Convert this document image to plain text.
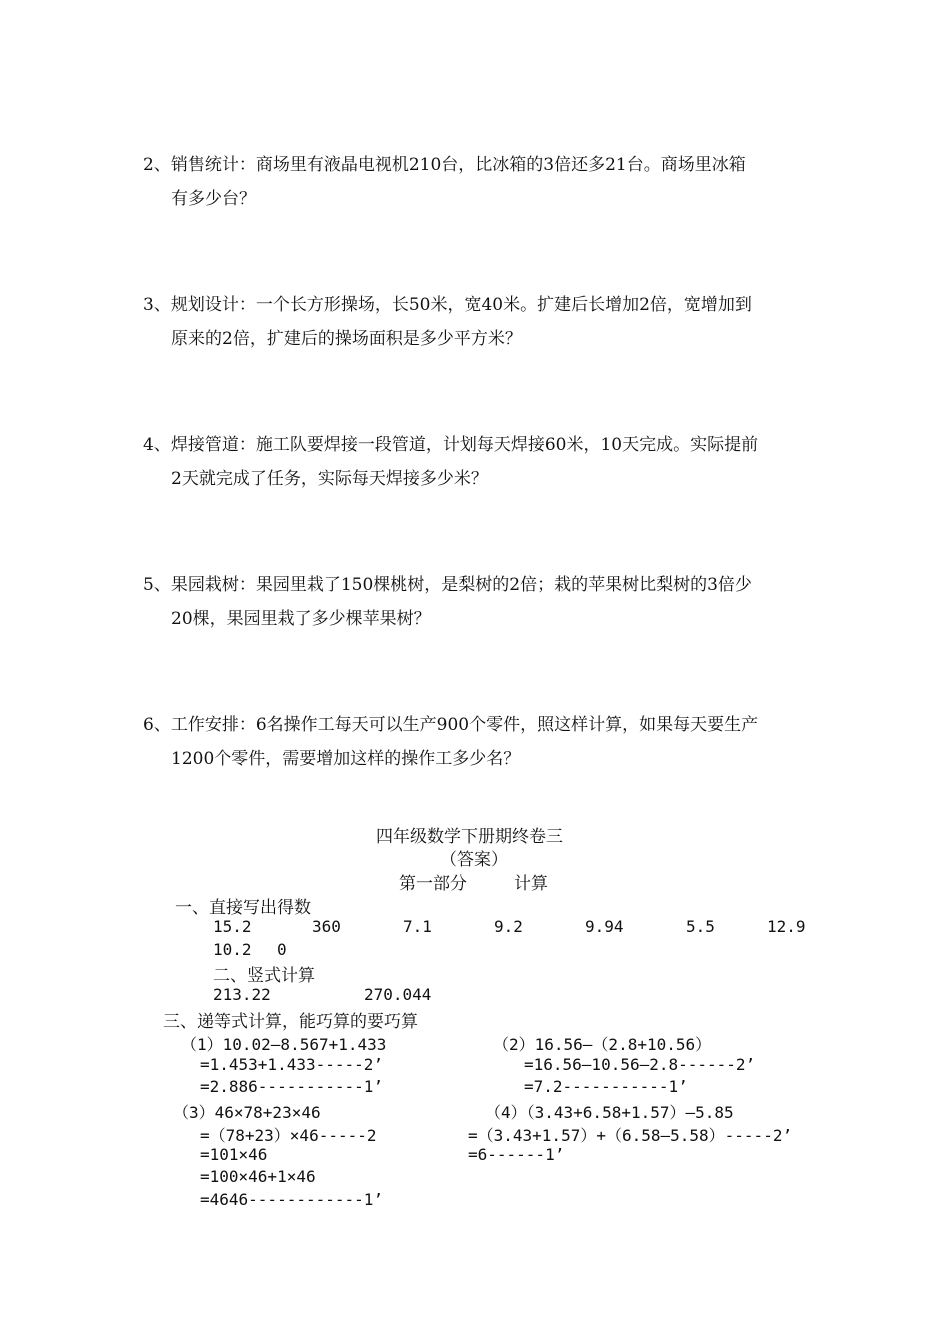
2、销售统计：商场里有液晶电视机210台，比冰箱的3倍还多21台。商场里冰箱
有多少台？
3、规划设计：一个长方形操场，长50米，宽40米。扩建后长增加2倍，宽增加到
原来的2倍，扩建后的操场面积是多少平方米？
4、焊接管道：施工队要焊接一段管道，计划每天焊接60米，10天完成。实际提前
2天就完成了任务，实际每天焊接多少米？
5、果园栽树：果园里栽了150棵桃树，是梨树的2倍；栽的苹果树比梨树的3倍少
20棵，果园里栽了多少棵苹果树？
6、工作安排：6名操作工每天可以生产900个零件，照这样计算，如果每天要生产
1200个零件，需要增加这样的操作工多少名？
四年级数学下册期终卷三
（答案）
第一部分	计算
一、直接写出得数
15.2	360	7.1	9.2	9.94	5.5	12.9
10.2 0
二、竖式计算
213.22	270.044
三、递等式计算，能巧算的要巧算
（1）10.02—8.567+1.433
=1.453+1.433-----2’
=2.886-----------1’
（2）16.56—（2.8+10.56）
=16.56—10.56—2.8------2’
=7.2-----------1’
（3）46×78+23×46
=（78+23）×46-----2
=101×46
=100×46+1×46
=4646------------1’
（4）（3.43+6.58+1.57）—5.85
=（3.43+1.57）+（6.58—5.58）-----2’
=6------1’
